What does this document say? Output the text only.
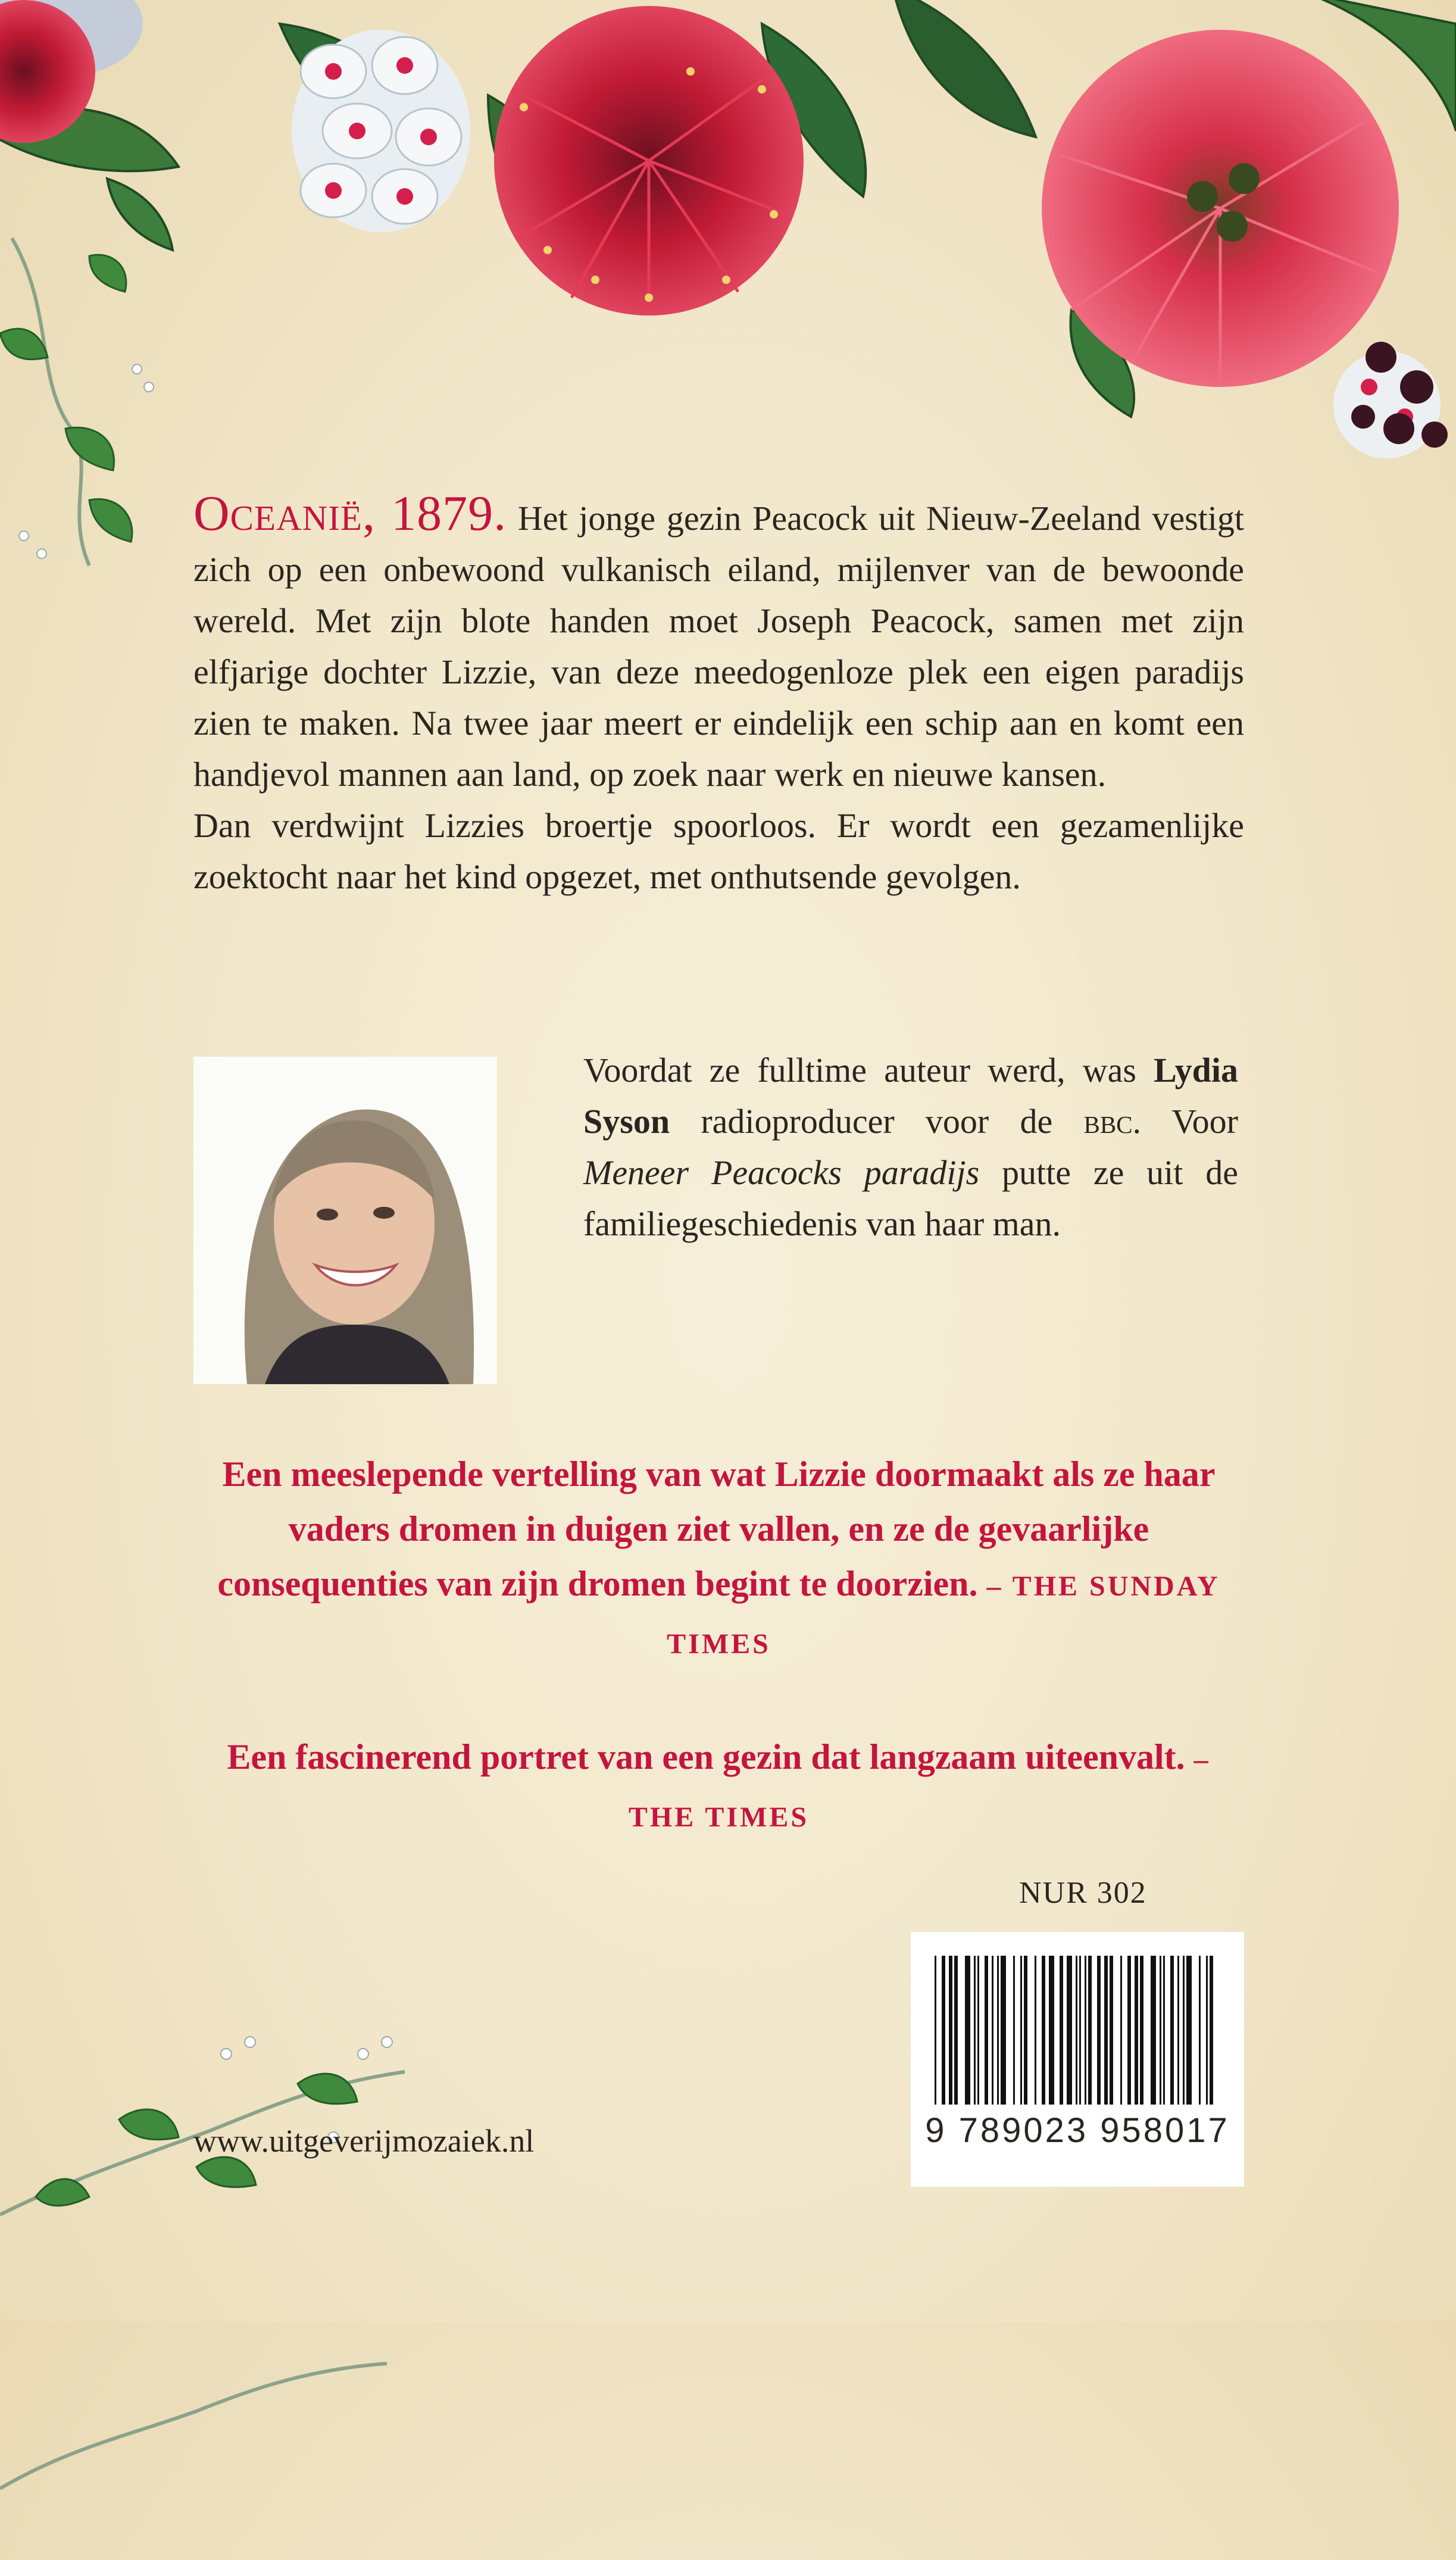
Oceanië, 1879. Het jonge gezin Peacock uit Nieuw-Zeeland vestigt zich op een onbewoond vulkanisch eiland, mijlenver van de bewoonde wereld. Met zijn blote handen moet Joseph Peacock, samen met zijn elfjarige dochter Lizzie, van deze meedogenloze plek een eigen paradijs zien te maken. Na twee jaar meert er eindelijk een schip aan en komt een handjevol mannen aan land, op zoek naar werk en nieuwe kansen.

Dan verdwijnt Lizzies broertje spoorloos. Er wordt een gezamenlijke zoektocht naar het kind opgezet, met onthutsende gevolgen.

Voordat ze fulltime auteur werd, was Lydia Syson radioproducer voor de bbc. Voor Meneer Peacocks paradijs putte ze uit de familiegeschiedenis van haar man.
Een meeslepende vertelling van wat Lizzie doormaakt als ze haar vaders dromen in duigen ziet vallen, en ze de gevaarlijke consequenties van zijn dromen begint te doorzien. – THE SUNDAY TIMES
Een fascinerend portret van een gezin dat langzaam uiteenvalt. – THE TIMES
NUR 302
9 789023 958017
www.uitgeverijmozaiek.nl
